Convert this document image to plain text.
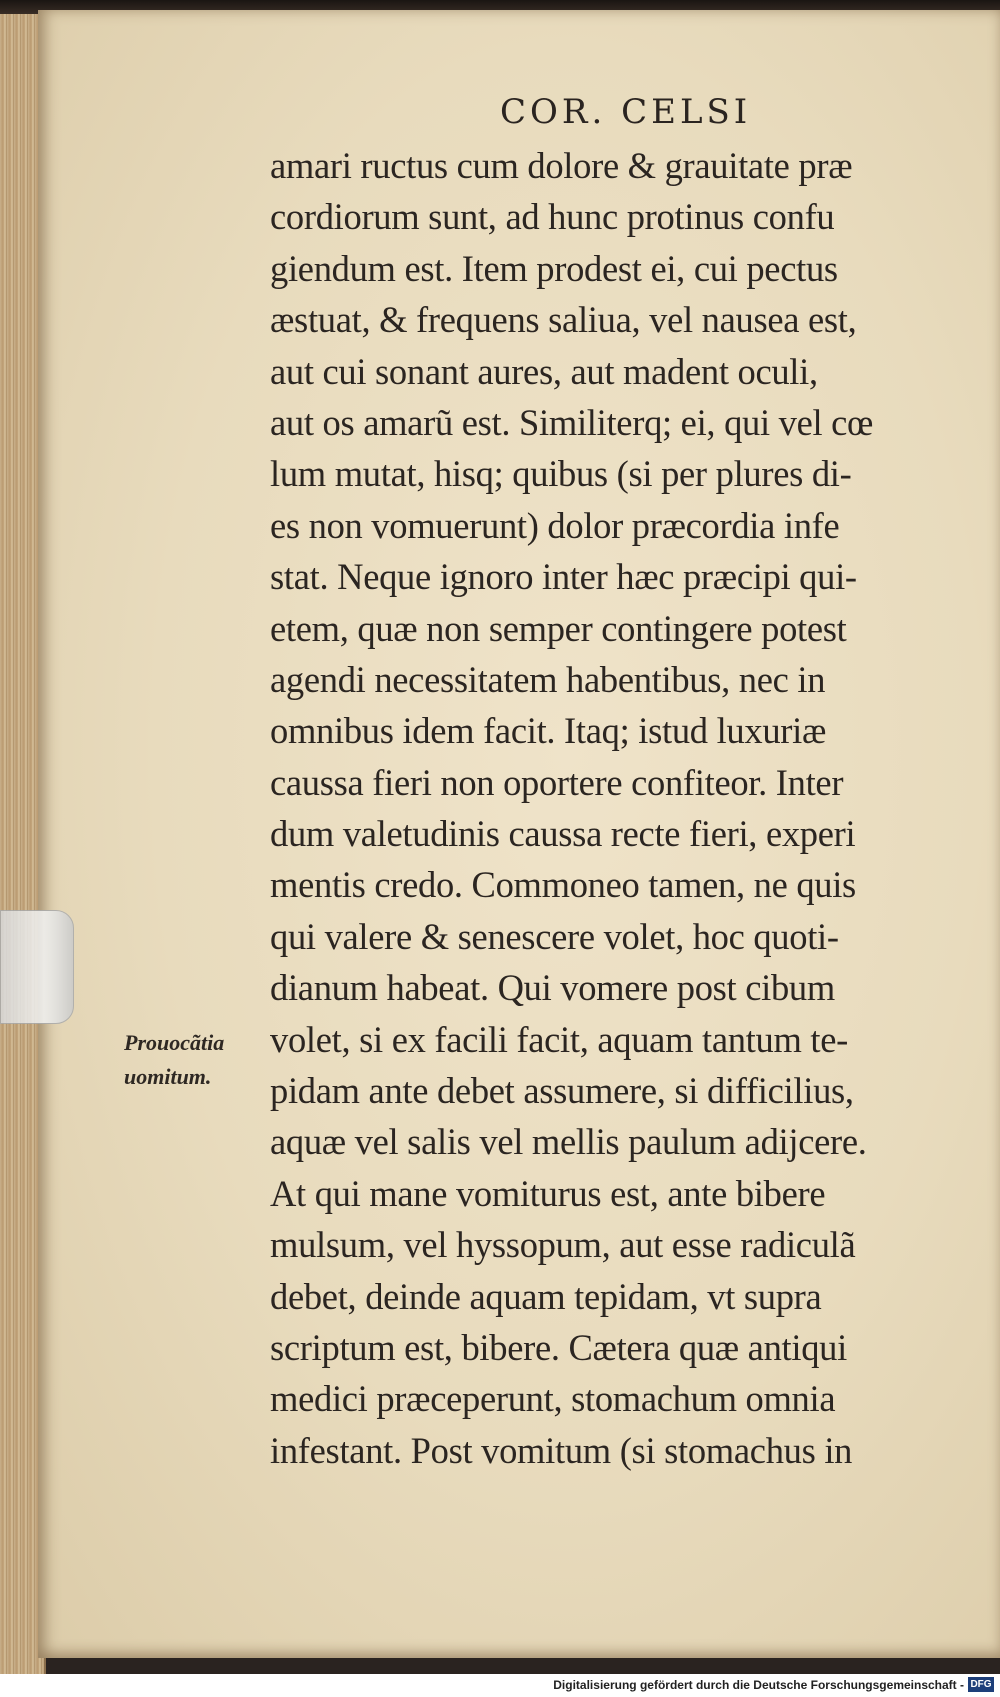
COR. CELSI
amari ructus cum dolore & grauitate præ
cordiorum sunt, ad hunc protinus confu
giendum est. Item prodest ei, cui pectus
æstuat, & frequens saliua, vel nausea est,
aut cui sonant aures, aut madent oculi,
aut os amarũ est. Similiterq; ei, qui vel cœ
lum mutat, hisq; quibus (si per plures di-
es non vomuerunt) dolor præcordia infe
stat. Neque ignoro inter hæc præcipi qui-
etem, quæ non semper contingere potest
agendi necessitatem habentibus, nec in
omnibus idem facit. Itaq; istud luxuriæ
caussa fieri non oportere confiteor. Inter
dum valetudinis caussa recte fieri, experi
mentis credo. Commoneo tamen, ne quis
qui valere & senescere volet, hoc quoti-
dianum habeat. Qui vomere post cibum
volet, si ex facili facit, aquam tantum te-
pidam ante debet assumere, si difficilius,
aquæ vel salis vel mellis paulum adijcere.
At qui mane vomiturus est, ante bibere
mulsum, vel hyssopum, aut esse radiculã
debet, deinde aquam tepidam, vt supra
scriptum est, bibere. Cætera quæ antiqui
medici præceperunt, stomachum omnia
infestant. Post vomitum (si stomachus in
Prouocãtia
uomitum.
Digitalisierung gefördert durch die Deutsche Forschungsgemeinschaft - DFG
